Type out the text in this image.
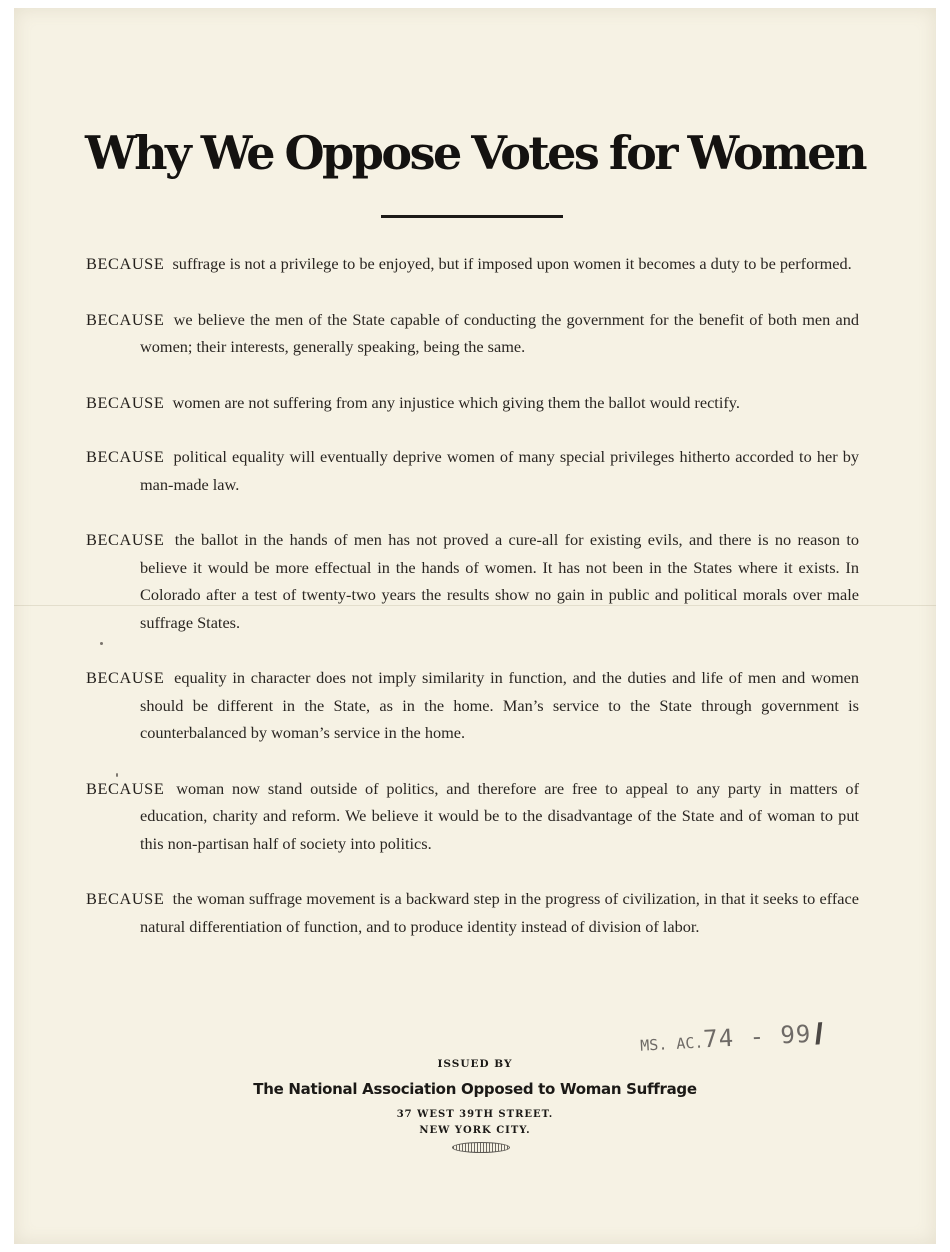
Why We Oppose Votes for Women
BECAUSE suffrage is not a privilege to be enjoyed, but if imposed upon women it becomes a duty to be performed.
BECAUSE we believe the men of the State capable of conducting the government for the benefit of both men and women; their interests, generally speaking, being the same.
BECAUSE women are not suffering from any injustice which giving them the ballot would rectify.
BECAUSE political equality will eventually deprive women of many special privileges hitherto accorded to her by man-made law.
BECAUSE the ballot in the hands of men has not proved a cure-all for existing evils, and there is no reason to believe it would be more effectual in the hands of women. It has not been in the States where it exists. In Colorado after a test of twenty-two years the results show no gain in public and political morals over male suffrage States.
BECAUSE equality in character does not imply similarity in function, and the duties and life of men and women should be different in the State, as in the home. Man’s service to the State through government is counterbalanced by woman’s service in the home.
BECAUSE woman now stand outside of politics, and therefore are free to appeal to any party in matters of education, charity and reform. We believe it would be to the disadvantage of the State and of woman to put this non-partisan half of society into politics.
BECAUSE the woman suffrage movement is a backward step in the progress of civilization, in that it seeks to efface natural differentiation of function, and to produce identity instead of division of labor.
MS. AC.74 - 99

ISSUED BY

The National Association Opposed to Woman Suffrage

37 WEST 39TH STREET.

NEW YORK CITY.
